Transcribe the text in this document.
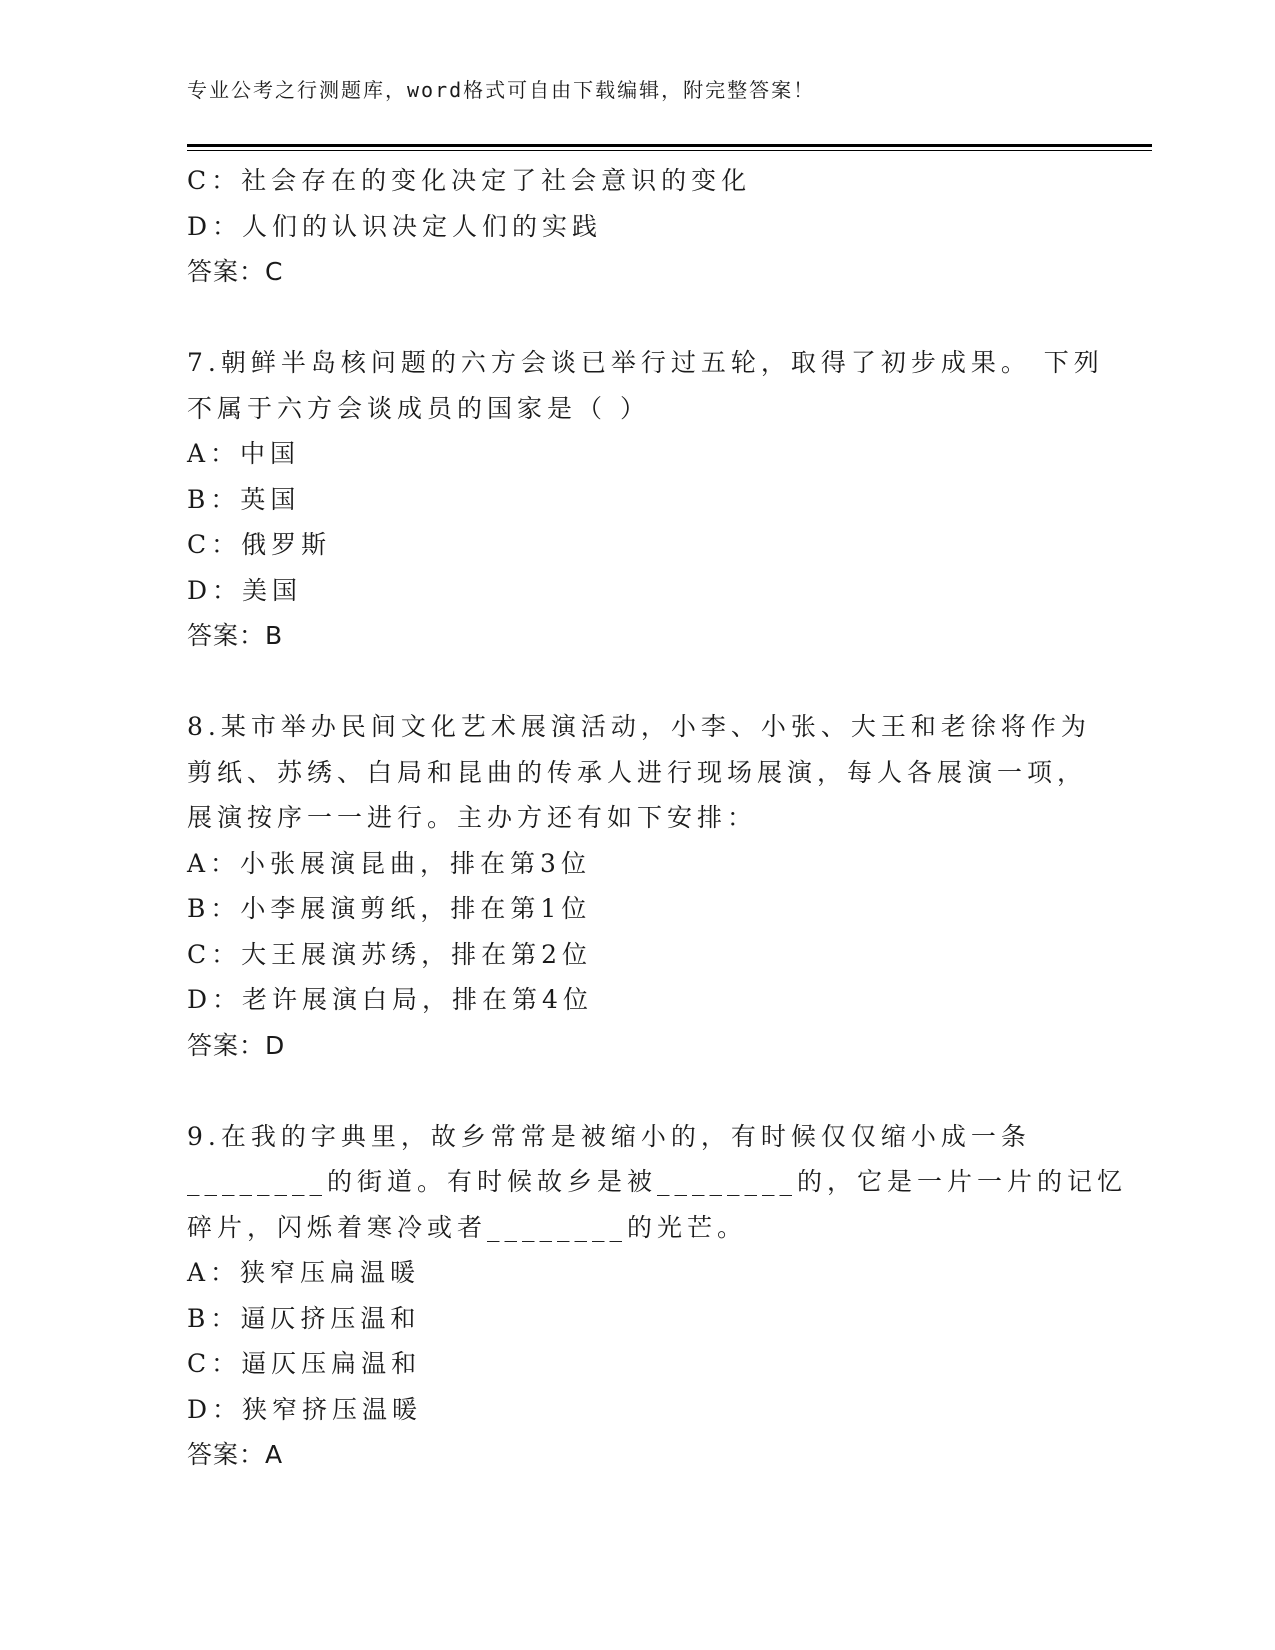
专业公考之行测题库，word格式可自由下载编辑，附完整答案！
C：社会存在的变化决定了社会意识的变化
D：人们的认识决定人们的实践
答案：C
7.朝鲜半岛核问题的六方会谈已举行过五轮，取得了初步成果。 下列
不属于六方会谈成员的国家是（ ）
A：中国
B：英国
C：俄罗斯
D：美国
答案：B
8.某市举办民间文化艺术展演活动，小李、小张、大王和老徐将作为
剪纸、苏绣、白局和昆曲的传承人进行现场展演，每人各展演一项，
展演按序一一进行。主办方还有如下安排：
A：小张展演昆曲，排在第3位
B：小李展演剪纸，排在第1位
C：大王展演苏绣，排在第2位
D：老许展演白局，排在第4位
答案：D
9.在我的字典里，故乡常常是被缩小的，有时候仅仅缩小成一条
________的街道。有时候故乡是被________的，它是一片一片的记忆
碎片，闪烁着寒冷或者________的光芒。
A：狭窄压扁温暖
B：逼仄挤压温和
C：逼仄压扁温和
D：狭窄挤压温暖
答案：A
